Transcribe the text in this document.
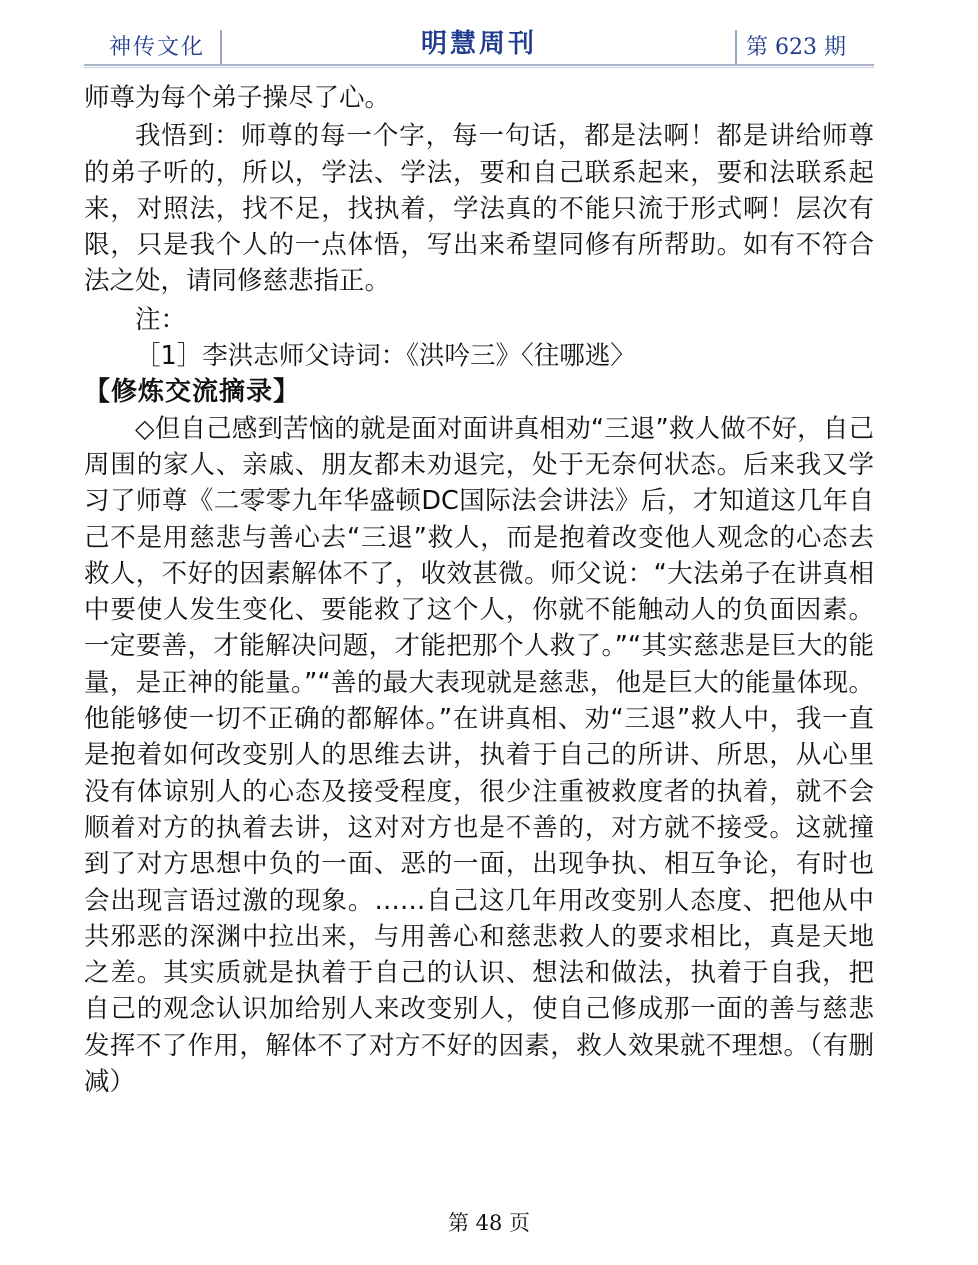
神传文化	明慧周刊	第 623 期

师尊为每个弟子操尽了心。

我悟到：师尊的每一个字，每一句话，都是法啊！都是讲给师尊的弟子听的，所以，学法、学法，要和自己联系起来，要和法联系起来，对照法，找不足，找执着，学法真的不能只流于形式啊！层次有限，只是我个人的一点体悟，写出来希望同修有所帮助。如有不符合法之处，请同修慈悲指正。

注：

［1］李洪志师父诗词：《洪吟三》〈往哪逃〉

【修炼交流摘录】

◇但自己感到苦恼的就是面对面讲真相劝“三退”救人做不好，自己周围的家人、亲戚、朋友都未劝退完，处于无奈何状态。后来我又学习了师尊《二零零九年华盛顿DC国际法会讲法》后，才知道这几年自己不是用慈悲与善心去“三退”救人，而是抱着改变他人观念的心态去救人，不好的因素解体不了，收效甚微。师父说：“大法弟子在讲真相中要使人发生变化、要能救了这个人，你就不能触动人的负面因素。一定要善，才能解决问题，才能把那个人救了。”“其实慈悲是巨大的能量，是正神的能量。”“善的最大表现就是慈悲，他是巨大的能量体现。他能够使一切不正确的都解体。”在讲真相、劝“三退”救人中，我一直是抱着如何改变别人的思维去讲，执着于自己的所讲、所思，从心里没有体谅别人的心态及接受程度，很少注重被救度者的执着，就不会顺着对方的执着去讲，这对对方也是不善的，对方就不接受。这就撞到了对方思想中负的一面、恶的一面，出现争执、相互争论，有时也会出现言语过激的现象。……自己这几年用改变别人态度、把他从中共邪恶的深渊中拉出来，与用善心和慈悲救人的要求相比，真是天地之差。其实质就是执着于自己的认识、想法和做法，执着于自我，把自己的观念认识加给别人来改变别人，使自己修成那一面的善与慈悲发挥不了作用，解体不了对方不好的因素，救人效果就不理想。（有删减）

第 48 页
